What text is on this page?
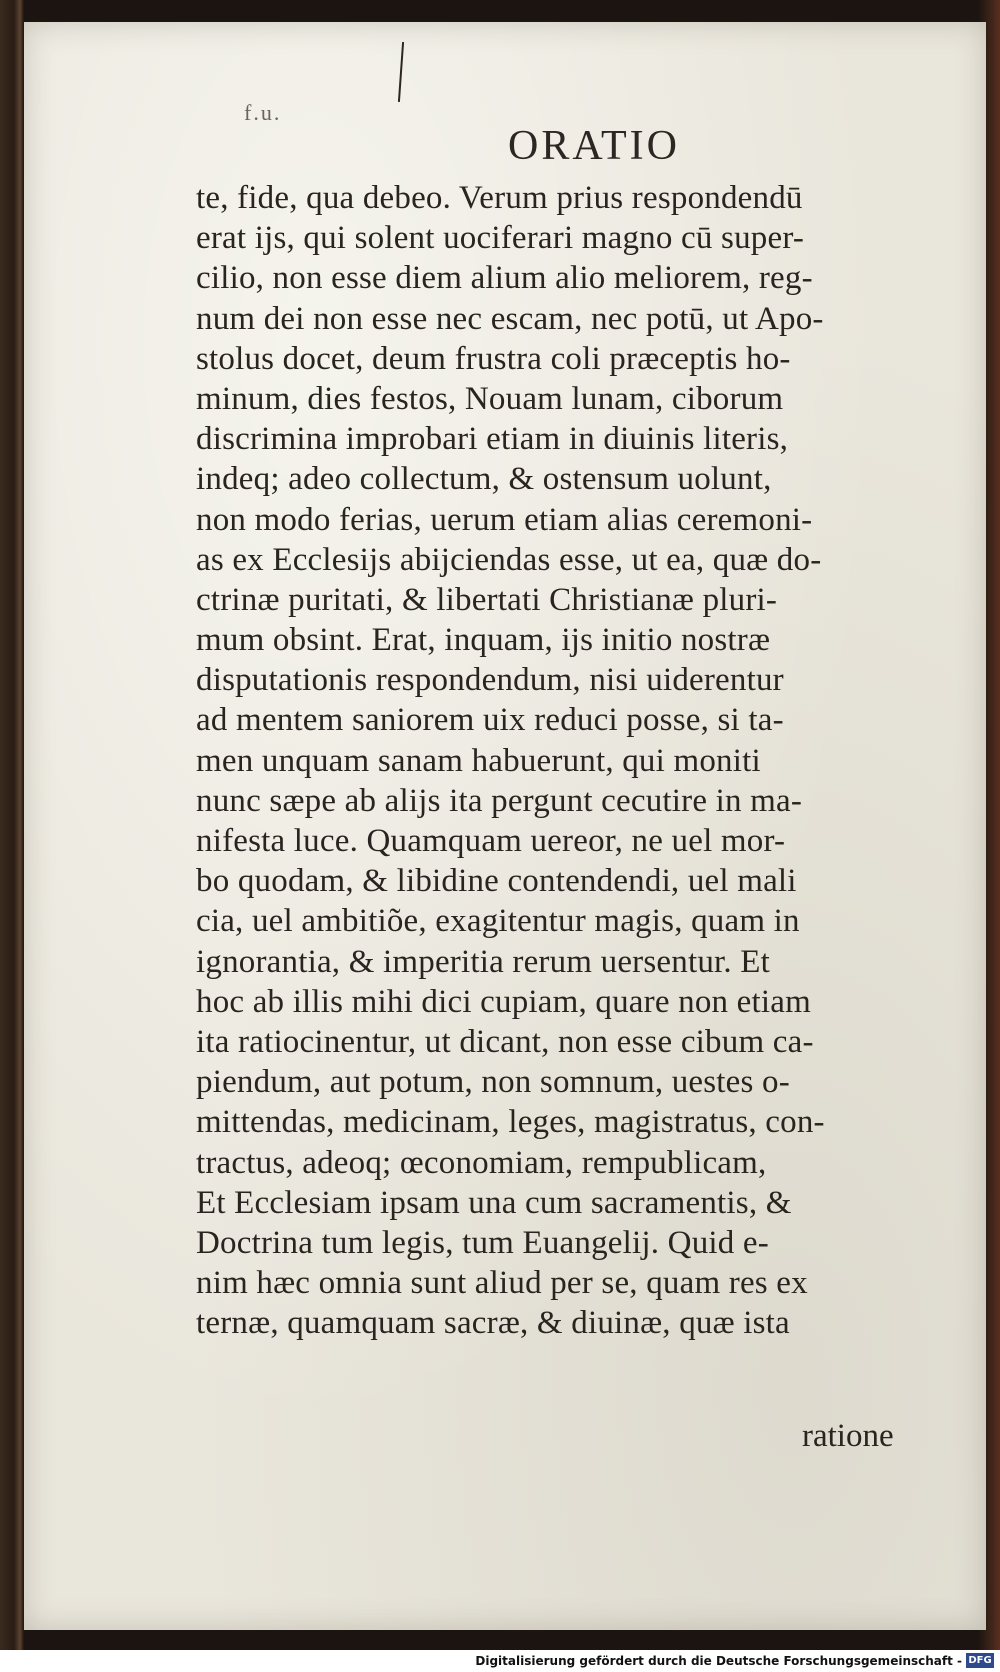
f.u.
ORATIO
te, fide, qua debeo. Verum prius respondendū
erat ijs, qui solent uociferari magno cū super-
cilio, non esse diem alium alio meliorem, reg-
num dei non esse nec escam, nec potū, ut Apo-
stolus docet, deum frustra coli præceptis ho-
minum, dies festos, Nouam lunam, ciborum
discrimina improbari etiam in diuinis literis,
indeq; adeo collectum, & ostensum uolunt,
non modo ferias, uerum etiam alias ceremoni-
as ex Ecclesijs abijciendas esse, ut ea, quæ do-
ctrinæ puritati, & libertati Christianæ pluri-
mum obsint. Erat, inquam, ijs initio nostræ
disputationis respondendum, nisi uiderentur
ad mentem saniorem uix reduci posse, si ta-
men unquam sanam habuerunt, qui moniti
nunc sæpe ab alijs ita pergunt cecutire in ma-
nifesta luce. Quamquam uereor, ne uel mor-
bo quodam, & libidine contendendi, uel mali
cia, uel ambitiõe, exagitentur magis, quam in
ignorantia, & imperitia rerum uersentur. Et
hoc ab illis mihi dici cupiam, quare non etiam
ita ratiocinentur, ut dicant, non esse cibum ca-
piendum, aut potum, non somnum, uestes o-
mittendas, medicinam, leges, magistratus, con-
tractus, adeoq; œconomiam, rempublicam,
Et Ecclesiam ipsam una cum sacramentis, &
Doctrina tum legis, tum Euangelij. Quid e-
nim hæc omnia sunt aliud per se, quam res ex
ternæ, quamquam sacræ, & diuinæ, quæ ista
ratione
Digitalisierung gefördert durch die Deutsche Forschungsgemeinschaft - DFG
